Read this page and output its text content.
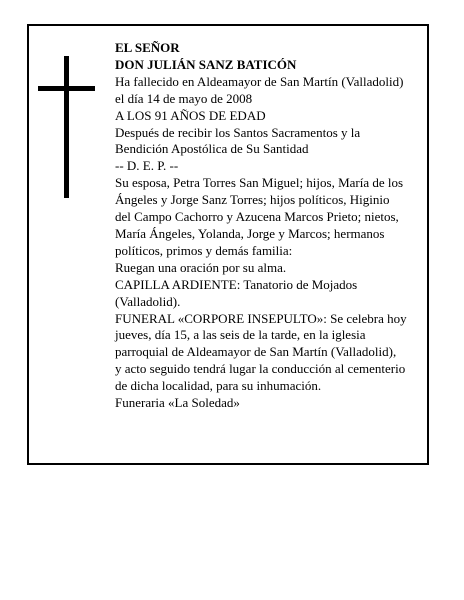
EL SEÑOR
DON JULIÁN SANZ BATICÓN
Ha fallecido en Aldeamayor de San Martín (Valladolid)
el día 14 de mayo de 2008
A LOS 91 AÑOS DE EDAD
Después de recibir los Santos Sacramentos y la
Bendición Apostólica de Su Santidad
-- D. E. P. --
Su esposa, Petra Torres San Miguel; hijos, María de los
Ángeles y Jorge Sanz Torres; hijos políticos, Higinio
del Campo Cachorro y Azucena Marcos Prieto; nietos,
María Ángeles, Yolanda, Jorge y Marcos; hermanos
políticos, primos y demás familia:
Ruegan una oración por su alma.
CAPILLA ARDIENTE: Tanatorio de Mojados
(Valladolid).
FUNERAL «CORPORE INSEPULTO»: Se celebra hoy
jueves, día 15, a las seis de la tarde, en la iglesia
parroquial de Aldeamayor de San Martín (Valladolid),
y acto seguido tendrá lugar la conducción al cementerio
de dicha localidad, para su inhumación.
Funeraria «La Soledad»
